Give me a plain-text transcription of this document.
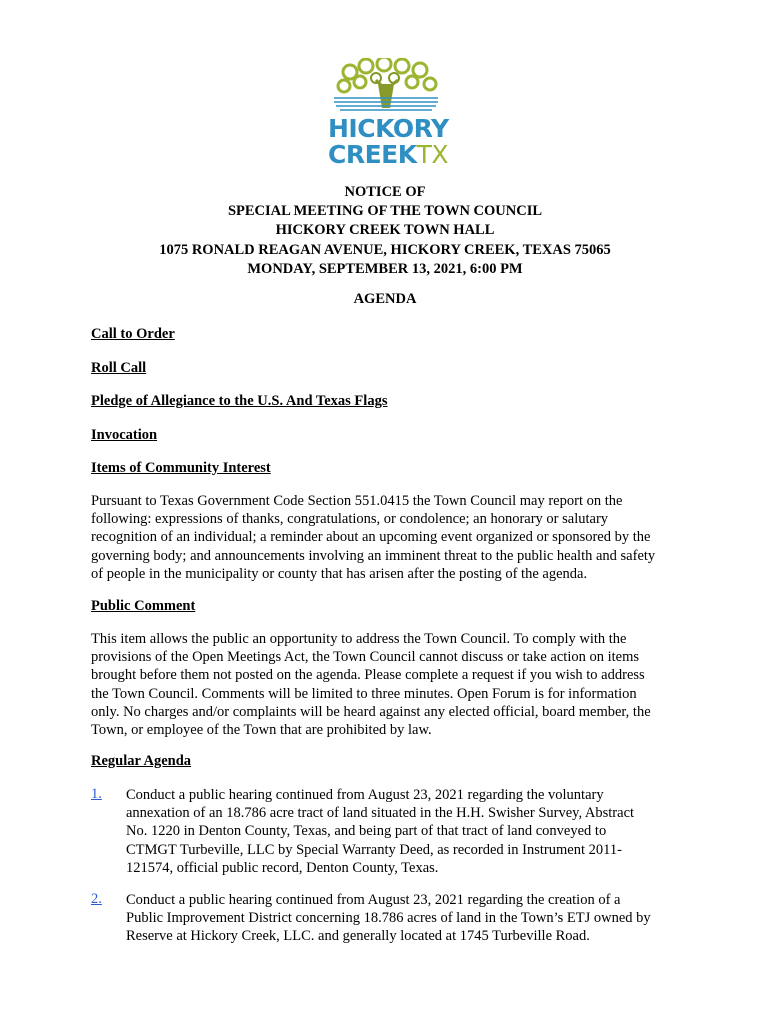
HICKORY
CREEKTX
NOTICE OF
SPECIAL MEETING OF THE TOWN COUNCIL
HICKORY CREEK TOWN HALL
1075 RONALD REAGAN AVENUE, HICKORY CREEK, TEXAS 75065
MONDAY, SEPTEMBER 13, 2021, 6:00 PM
AGENDA
Call to Order
Roll Call
Pledge of Allegiance to the U.S. And Texas Flags
Invocation
Items of Community Interest
Pursuant to Texas Government Code Section 551.0415 the Town Council may report on the
following: expressions of thanks, congratulations, or condolence; an honorary or salutary
recognition of an individual; a reminder about an upcoming event organized or sponsored by the
governing body; and announcements involving an imminent threat to the public health and safety
of people in the municipality or county that has arisen after the posting of the agenda.
Public Comment
This item allows the public an opportunity to address the Town Council. To comply with the
provisions of the Open Meetings Act, the Town Council cannot discuss or take action on items
brought before them not posted on the agenda. Please complete a request if you wish to address
the Town Council. Comments will be limited to three minutes. Open Forum is for information
only. No charges and/or complaints will be heard against any elected official, board member, the
Town, or employee of the Town that are prohibited by law.
Regular Agenda
1. Conduct a public hearing continued from August 23, 2021 regarding the voluntary
annexation of an 18.786 acre tract of land situated in the H.H. Swisher Survey, Abstract
No. 1220 in Denton County, Texas, and being part of that tract of land conveyed to
CTMGT Turbeville, LLC by Special Warranty Deed, as recorded in Instrument 2011-
121574, official public record, Denton County, Texas.
2. Conduct a public hearing continued from August 23, 2021 regarding the creation of a
Public Improvement District concerning 18.786 acres of land in the Town’s ETJ owned by
Reserve at Hickory Creek, LLC. and generally located at 1745 Turbeville Road.
